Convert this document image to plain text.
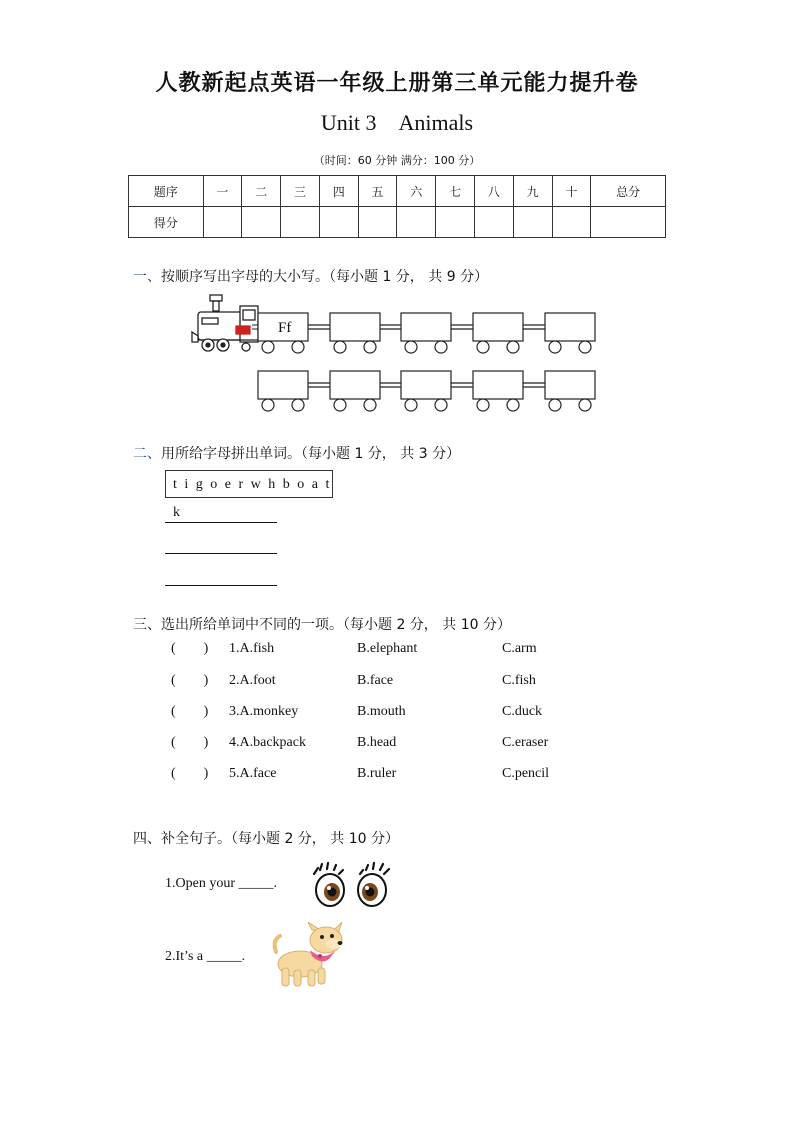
人教新起点英语一年级上册第三单元能力提升卷
Unit 3 Animals
（时间：60 分钟 满分：100 分）
题序	一	二	三	四	五	六	七	八	九	十	总分
得分											
一、按顺序写出字母的大小写。（每小题 1 分， 共 9 分）
Ff
二、用所给字母拼出单词。（每小题 1 分， 共 3 分）
t i g o e r w h b o a t k
三、选出所给单词中不同的一项。（每小题 2 分， 共 10 分）
(        )	1.A.fish	B.elephant	C.arm
(        )	2.A.foot	B.face	C.fish
(        )	3.A.monkey	B.mouth	C.duck
(        )	4.A.backpack	B.head	C.eraser
(        )	5.A.face	B.ruler	C.pencil
四、补全句子。（每小题 2 分， 共 10 分）
1.Open your _____.
2.It’s a _____.
